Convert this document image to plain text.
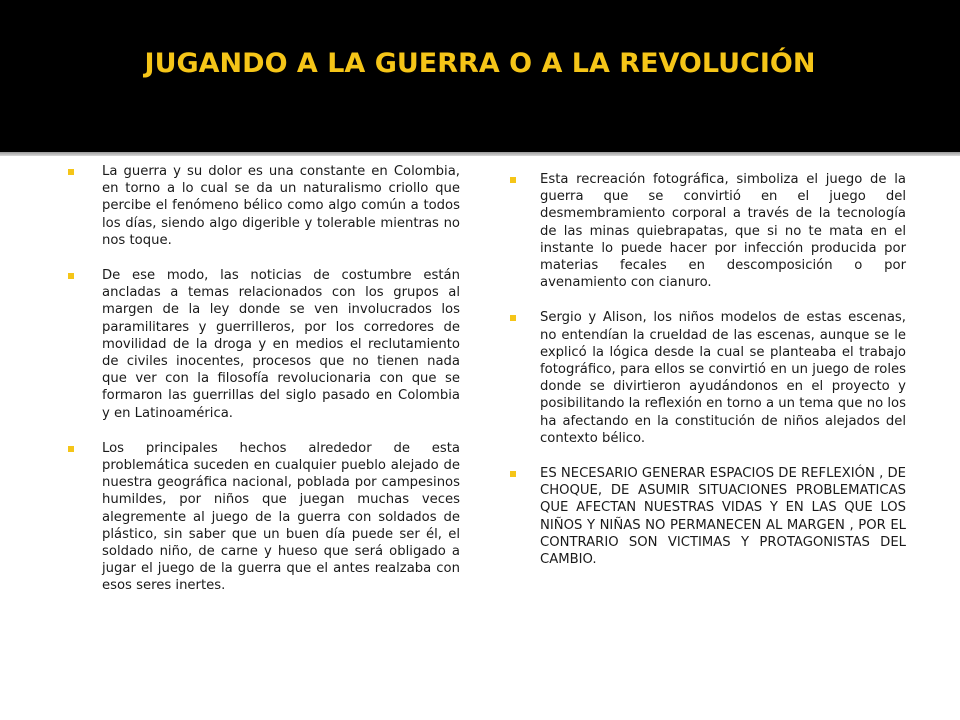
JUGANDO A LA GUERRA O A LA REVOLUCIÓN
La guerra y su dolor es una constante en Colombia, en torno a lo cual se da un naturalismo criollo que percibe el fenómeno bélico como algo común a todos los días, siendo algo digerible y tolerable mientras no nos toque.
De ese modo, las noticias de costumbre están ancladas a temas relacionados con los grupos al margen de la ley donde se ven involucrados los paramilitares y guerrilleros, por los corredores de movilidad de la droga y en medios el reclutamiento de civiles inocentes, procesos que no tienen nada que ver con la filosofía revolucionaria con que se formaron las guerrillas del siglo pasado en Colombia y en Latinoamérica.
Los principales hechos alrededor de esta problemática suceden en cualquier pueblo alejado de nuestra geográfica nacional, poblada por campesinos humildes, por niños que juegan muchas veces alegremente al juego de la guerra con soldados de plástico, sin saber que un buen día puede ser él, el soldado niño, de carne y hueso que será obligado a jugar el juego de la guerra que el antes realzaba con esos seres inertes.
Esta recreación fotográfica, simboliza el juego de la guerra que se convirtió en el juego del desmembramiento corporal a través de la tecnología de las minas quiebrapatas, que si no te mata en el instante lo puede hacer por infección producida por materias fecales en descomposición o por avenamiento con cianuro.
Sergio y Alison, los niños modelos de estas escenas, no entendían la crueldad de las escenas, aunque se le explicó la lógica desde la cual se planteaba el trabajo fotográfico, para ellos se convirtió en un juego de roles donde se divirtieron ayudándonos en el proyecto y posibilitando la reflexión en torno a un tema que no los ha afectando en la constitución de niños alejados del contexto bélico.
ES NECESARIO GENERAR ESPACIOS DE REFLEXIÓN , DE CHOQUE, DE ASUMIR SITUACIONES PROBLEMATICAS QUE AFECTAN NUESTRAS VIDAS Y EN LAS QUE LOS NIÑOS Y NIÑAS NO PERMANECEN AL MARGEN , POR EL CONTRARIO SON VICTIMAS Y PROTAGONISTAS DEL CAMBIO.
